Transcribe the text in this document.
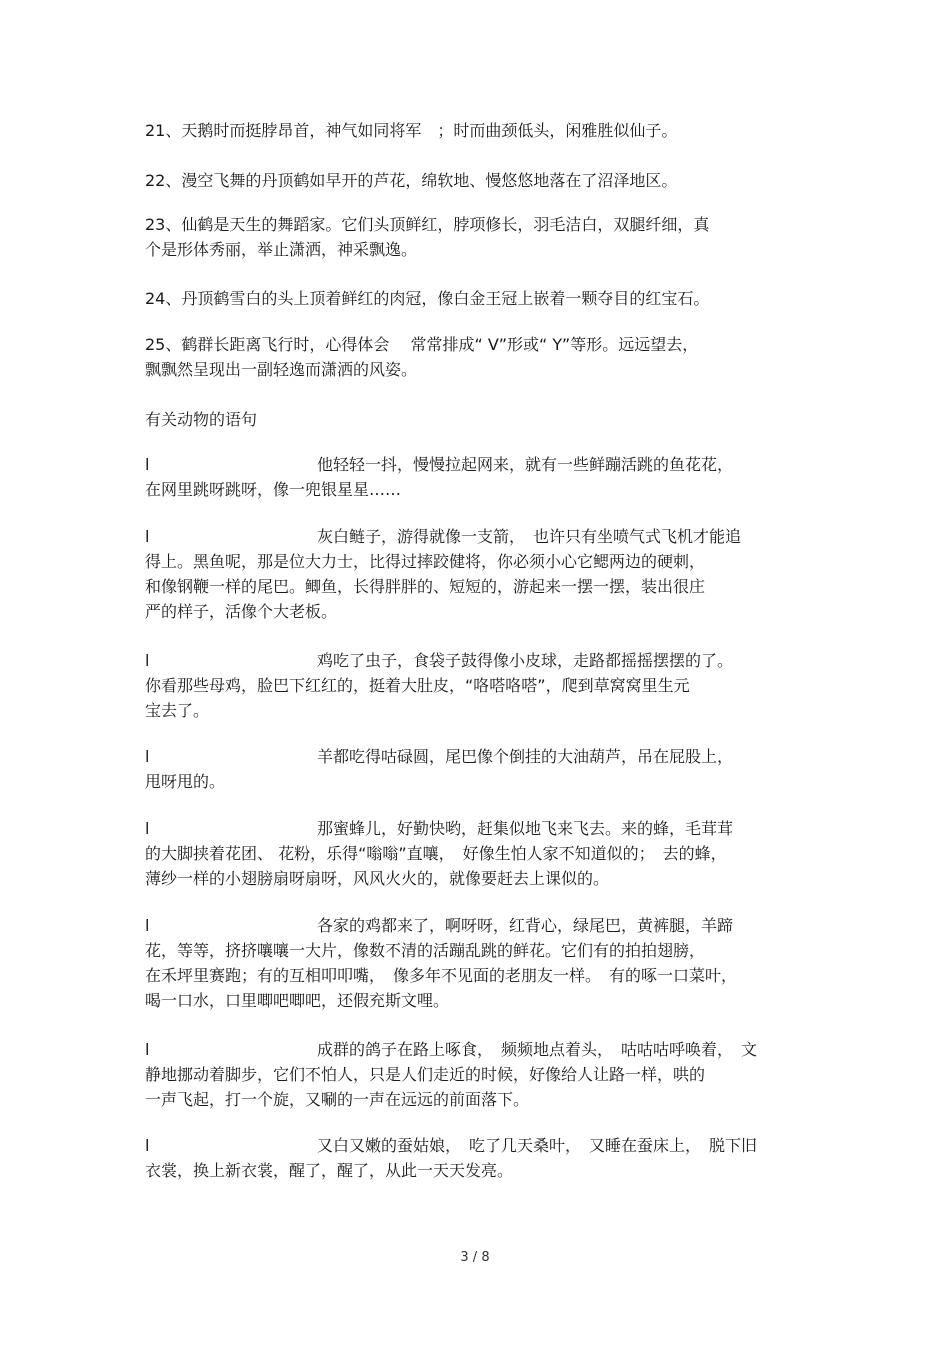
21、天鹅时而挺脖昂首，神气如同将军　；时而曲颈低头，闲雅胜似仙子。
22、漫空飞舞的丹顶鹤如早开的芦花，绵软地、慢悠悠地落在了沼泽地区。
23、仙鹤是天生的舞蹈家。它们头顶鲜红，脖项修长，羽毛洁白，双腿纤细，真
个是形体秀丽，举止潇洒，神采飘逸。
24、丹顶鹤雪白的头上顶着鲜红的肉冠，像白金王冠上嵌着一颗夺目的红宝石。
25、鹤群长距离飞行时，心得体会　 常常排成“ V”形或“ Y”等形。远远望去，
飘飘然呈现出一副轻逸而潇洒的风姿。
有关动物的语句
l	他轻轻一抖，慢慢拉起网来，就有一些鲜蹦活跳的鱼花花，
在网里跳呀跳呀，像一兜银星星……
l	灰白鲢子，游得就像一支箭，　也许只有坐喷气式飞机才能追
得上。黑鱼呢，那是位大力士，比得过摔跤健将，你必须小心它鳃两边的硬刺，
和像钢鞭一样的尾巴。鲫鱼，长得胖胖的、短短的，游起来一摆一摆，装出很庄
严的样子，活像个大老板。
l	鸡吃了虫子，食袋子鼓得像小皮球，走路都摇摇摆摆的了。
你看那些母鸡，脸巴下红红的，挺着大肚皮，“咯嗒咯嗒”，爬到草窝窝里生元
宝去了。
l	羊都吃得咕碌圆，尾巴像个倒挂的大油葫芦，吊在屁股上，
甩呀甩的。
l	那蜜蜂儿，好勤快哟，赶集似地飞来飞去。来的蜂，毛茸茸
的大脚挟着花团、 花粉，乐得“嗡嗡”直嚷，　好像生怕人家不知道似的；　去的蜂，
薄纱一样的小翅膀扇呀扇呀，风风火火的，就像要赶去上课似的。
l	各家的鸡都来了，啊呀呀，红背心，绿尾巴，黄裤腿，羊蹄
花，等等，挤挤嚷嚷一大片，像数不清的活蹦乱跳的鲜花。它们有的拍拍翅膀，
在禾坪里赛跑；有的互相叩叩嘴，　像多年不见面的老朋友一样。　有的啄一口菜叶，
喝一口水，口里唧吧唧吧，还假充斯文哩。
l	成群的鸽子在路上啄食，　频频地点着头，　咕咕咕呼唤着，　文
静地挪动着脚步，它们不怕人，只是人们走近的时候，好像给人让路一样，哄的
一声飞起，打一个旋，又唰的一声在远远的前面落下。
l	又白又嫩的蚕姑娘，　吃了几天桑叶，　又睡在蚕床上，　脱下旧
衣裳，换上新衣裳，醒了，醒了，从此一天天发亮。
3 / 8
